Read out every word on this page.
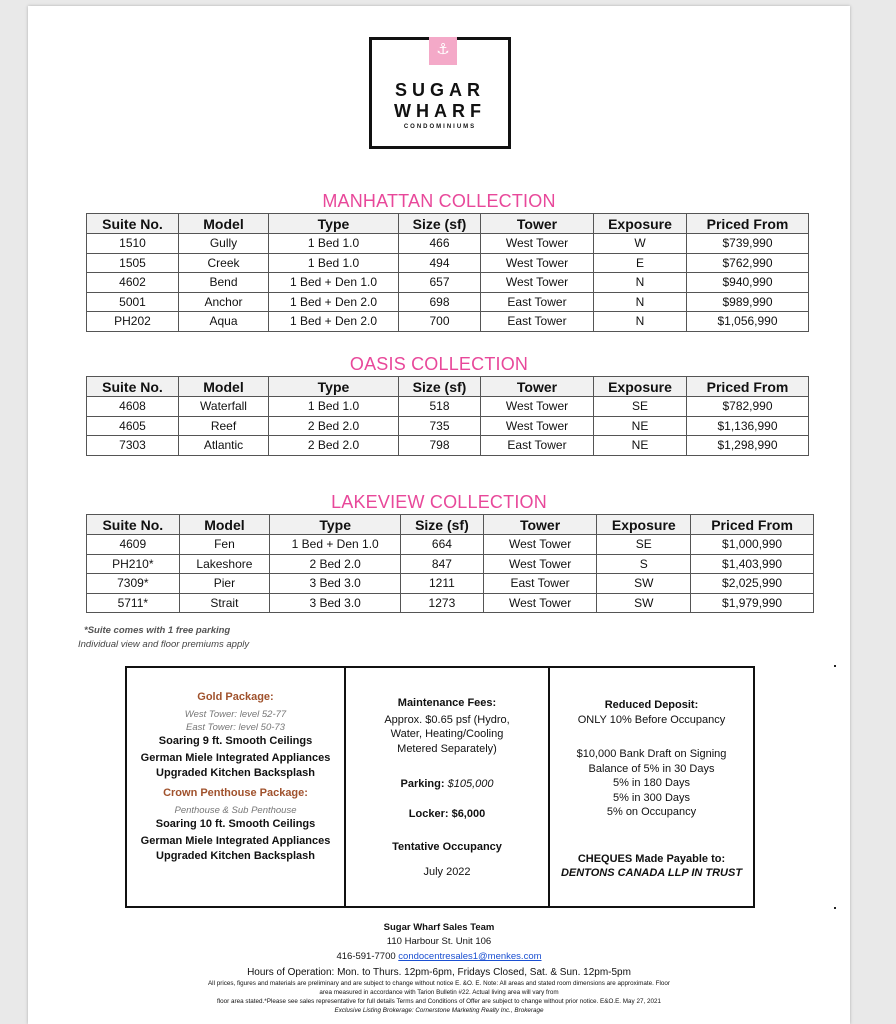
⚓
SUGAR
WHARF
CONDOMINIUMS
MANHATTAN COLLECTION
Suite No.	Model	Type	Size (sf)	Tower	Exposure	Priced From
1510	Gully	1 Bed 1.0	466	West Tower	W	$739,990
1505	Creek	1 Bed 1.0	494	West Tower	E	$762,990
4602	Bend	1 Bed + Den 1.0	657	West Tower	N	$940,990
5001	Anchor	1 Bed + Den 2.0	698	East Tower	N	$989,990
PH202	Aqua	1 Bed + Den 2.0	700	East Tower	N	$1,056,990
OASIS COLLECTION
Suite No.	Model	Type	Size (sf)	Tower	Exposure	Priced From
4608	Waterfall	1 Bed 1.0	518	West Tower	SE	$782,990
4605	Reef	2 Bed 2.0	735	West Tower	NE	$1,136,990
7303	Atlantic	2 Bed 2.0	798	East Tower	NE	$1,298,990
LAKEVIEW COLLECTION
Suite No.	Model	Type	Size (sf)	Tower	Exposure	Priced From
4609	Fen	1 Bed + Den 1.0	664	West Tower	SE	$1,000,990
PH210*	Lakeshore	2 Bed 2.0	847	West Tower	S	$1,403,990
7309*	Pier	3 Bed 3.0	1211	East Tower	SW	$2,025,990
5711*	Strait	3 Bed 3.0	1273	West Tower	SW	$1,979,990
*Suite comes with 1 free parking
Individual view and floor premiums apply
Gold Package:
West Tower: level 52-77
East Tower: level 50-73
Soaring 9 ft. Smooth Ceilings
German Miele Integrated Appliances
Upgraded Kitchen Backsplash
Crown Penthouse Package:
Penthouse & Sub Penthouse
Soaring 10 ft. Smooth Ceilings
German Miele Integrated Appliances
Upgraded Kitchen Backsplash
Maintenance Fees:
Approx. $0.65 psf (Hydro,
Water, Heating/Cooling
Metered Separately)
Parking: $105,000
Locker: $6,000
Tentative Occupancy
July 2022
Reduced Deposit:
ONLY 10% Before Occupancy
$10,000 Bank Draft on Signing
Balance of 5% in 30 Days
5% in 180 Days
5% in 300 Days
5% on Occupancy
CHEQUES Made Payable to:
DENTONS CANADA LLP IN TRUST
Sugar Wharf Sales Team
110 Harbour St. Unit 106
416-591-7700 condocentresales1@menkes.com
Hours of Operation: Mon. to Thurs. 12pm-6pm, Fridays Closed, Sat. & Sun. 12pm-5pm
All prices, figures and materials are preliminary and are subject to change without notice E. &O. E. Note: All areas and stated room dimensions are approximate. Floor
area measured in accordance with Tarion Bulletin #22. Actual living area will vary from
floor area stated.*Please see sales representative for full details Terms and Conditions of Offer are subject to change without prior notice. E&O.E. May 27, 2021
Exclusive Listing Brokerage: Cornerstone Marketing Realty Inc., Brokerage
